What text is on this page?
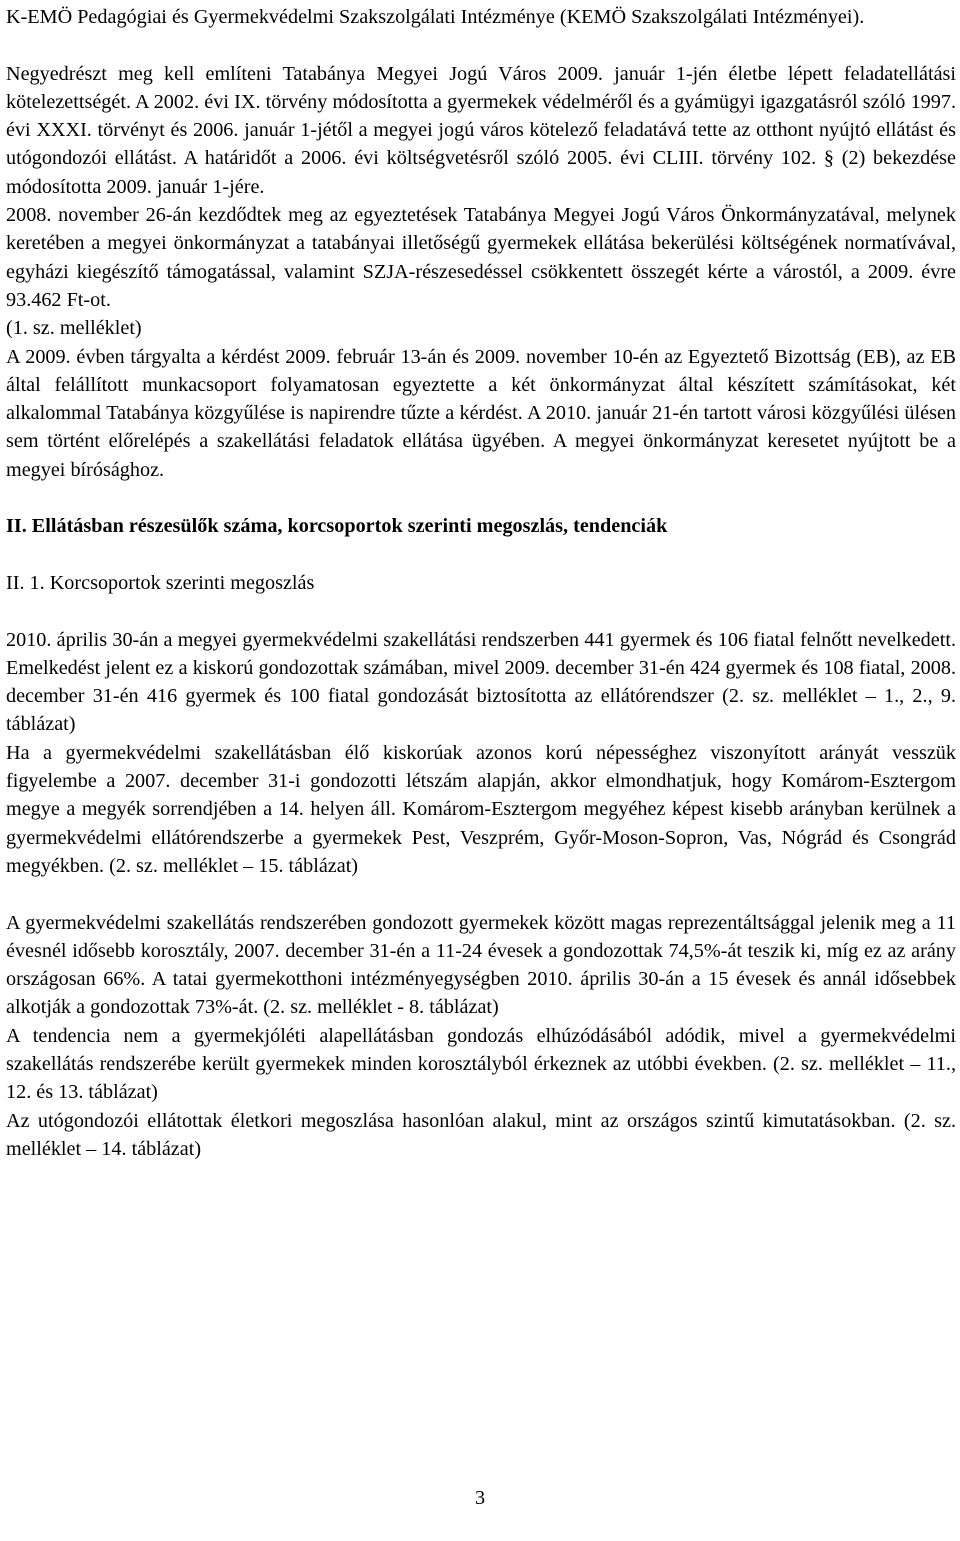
K-EMÖ Pedagógiai és Gyermekvédelmi Szakszolgálati Intézménye (KEMÖ Szakszolgálati Intézményei).

Negyedrészt meg kell említeni Tatabánya Megyei Jogú Város 2009. január 1-jén életbe lépett feladatellátási kötelezettségét. A 2002. évi IX. törvény módosította a gyermekek védelméről és a gyámügyi igazgatásról szóló 1997. évi XXXI. törvényt és 2006. január 1-jétől a megyei jogú város kötelező feladatává tette az otthont nyújtó ellátást és utógondozói ellátást. A határidőt a 2006. évi költségvetésről szóló 2005. évi CLIII. törvény 102. § (2) bekezdése módosította 2009. január 1-jére.

2008. november 26-án kezdődtek meg az egyeztetések Tatabánya Megyei Jogú Város Önkormányzatával, melynek keretében a megyei önkormányzat a tatabányai illetőségű gyermekek ellátása bekerülési költségének normatívával, egyházi kiegészítő támogatással, valamint SZJA-részesedéssel csökkentett összegét kérte a várostól, a 2009. évre 93.462 Ft-ot.

(1. sz. melléklet)

A 2009. évben tárgyalta a kérdést 2009. február 13-án és 2009. november 10-én az Egyeztető Bizottság (EB), az EB által felállított munkacsoport folyamatosan egyeztette a két önkormányzat által készített számításokat, két alkalommal Tatabánya közgyűlése is napirendre tűzte a kérdést. A 2010. január 21-én tartott városi közgyűlési ülésen sem történt előrelépés a szakellátási feladatok ellátása ügyében. A megyei önkormányzat keresetet nyújtott be a megyei bírósághoz.

II. Ellátásban részesülők száma, korcsoportok szerinti megoszlás, tendenciák

II. 1. Korcsoportok szerinti megoszlás

2010. április 30-án a megyei gyermekvédelmi szakellátási rendszerben 441 gyermek és 106 fiatal felnőtt nevelkedett. Emelkedést jelent ez a kiskorú gondozottak számában, mivel 2009. december 31-én 424 gyermek és 108 fiatal, 2008. december 31-én 416 gyermek és 100 fiatal gondozását biztosította az ellátórendszer (2. sz. melléklet – 1., 2., 9. táblázat)

Ha a gyermekvédelmi szakellátásban élő kiskorúak azonos korú népességhez viszonyított arányát vesszük figyelembe a 2007. december 31-i gondozotti létszám alapján, akkor elmondhatjuk, hogy Komárom-Esztergom megye a megyék sorrendjében a 14. helyen áll. Komárom-Esztergom megyéhez képest kisebb arányban kerülnek a gyermekvédelmi ellátórendszerbe a gyermekek Pest, Veszprém, Győr-Moson-Sopron, Vas, Nógrád és Csongrád megyékben. (2. sz. melléklet – 15. táblázat)

A gyermekvédelmi szakellátás rendszerében gondozott gyermekek között magas reprezentáltsággal jelenik meg a 11 évesnél idősebb korosztály, 2007. december 31-én a 11-24 évesek a gondozottak 74,5%-át teszik ki, míg ez az arány országosan 66%. A tatai gyermekotthoni intézményegységben 2010. április 30-án a 15 évesek és annál idősebbek alkotják a gondozottak 73%-át. (2. sz. melléklet - 8. táblázat)

A tendencia nem a gyermekjóléti alapellátásban gondozás elhúzódásából adódik, mivel a gyermekvédelmi szakellátás rendszerébe került gyermekek minden korosztályból érkeznek az utóbbi években. (2. sz. melléklet – 11., 12. és 13. táblázat)

Az utógondozói ellátottak életkori megoszlása hasonlóan alakul, mint az országos szintű kimutatásokban. (2. sz. melléklet – 14. táblázat)

3
